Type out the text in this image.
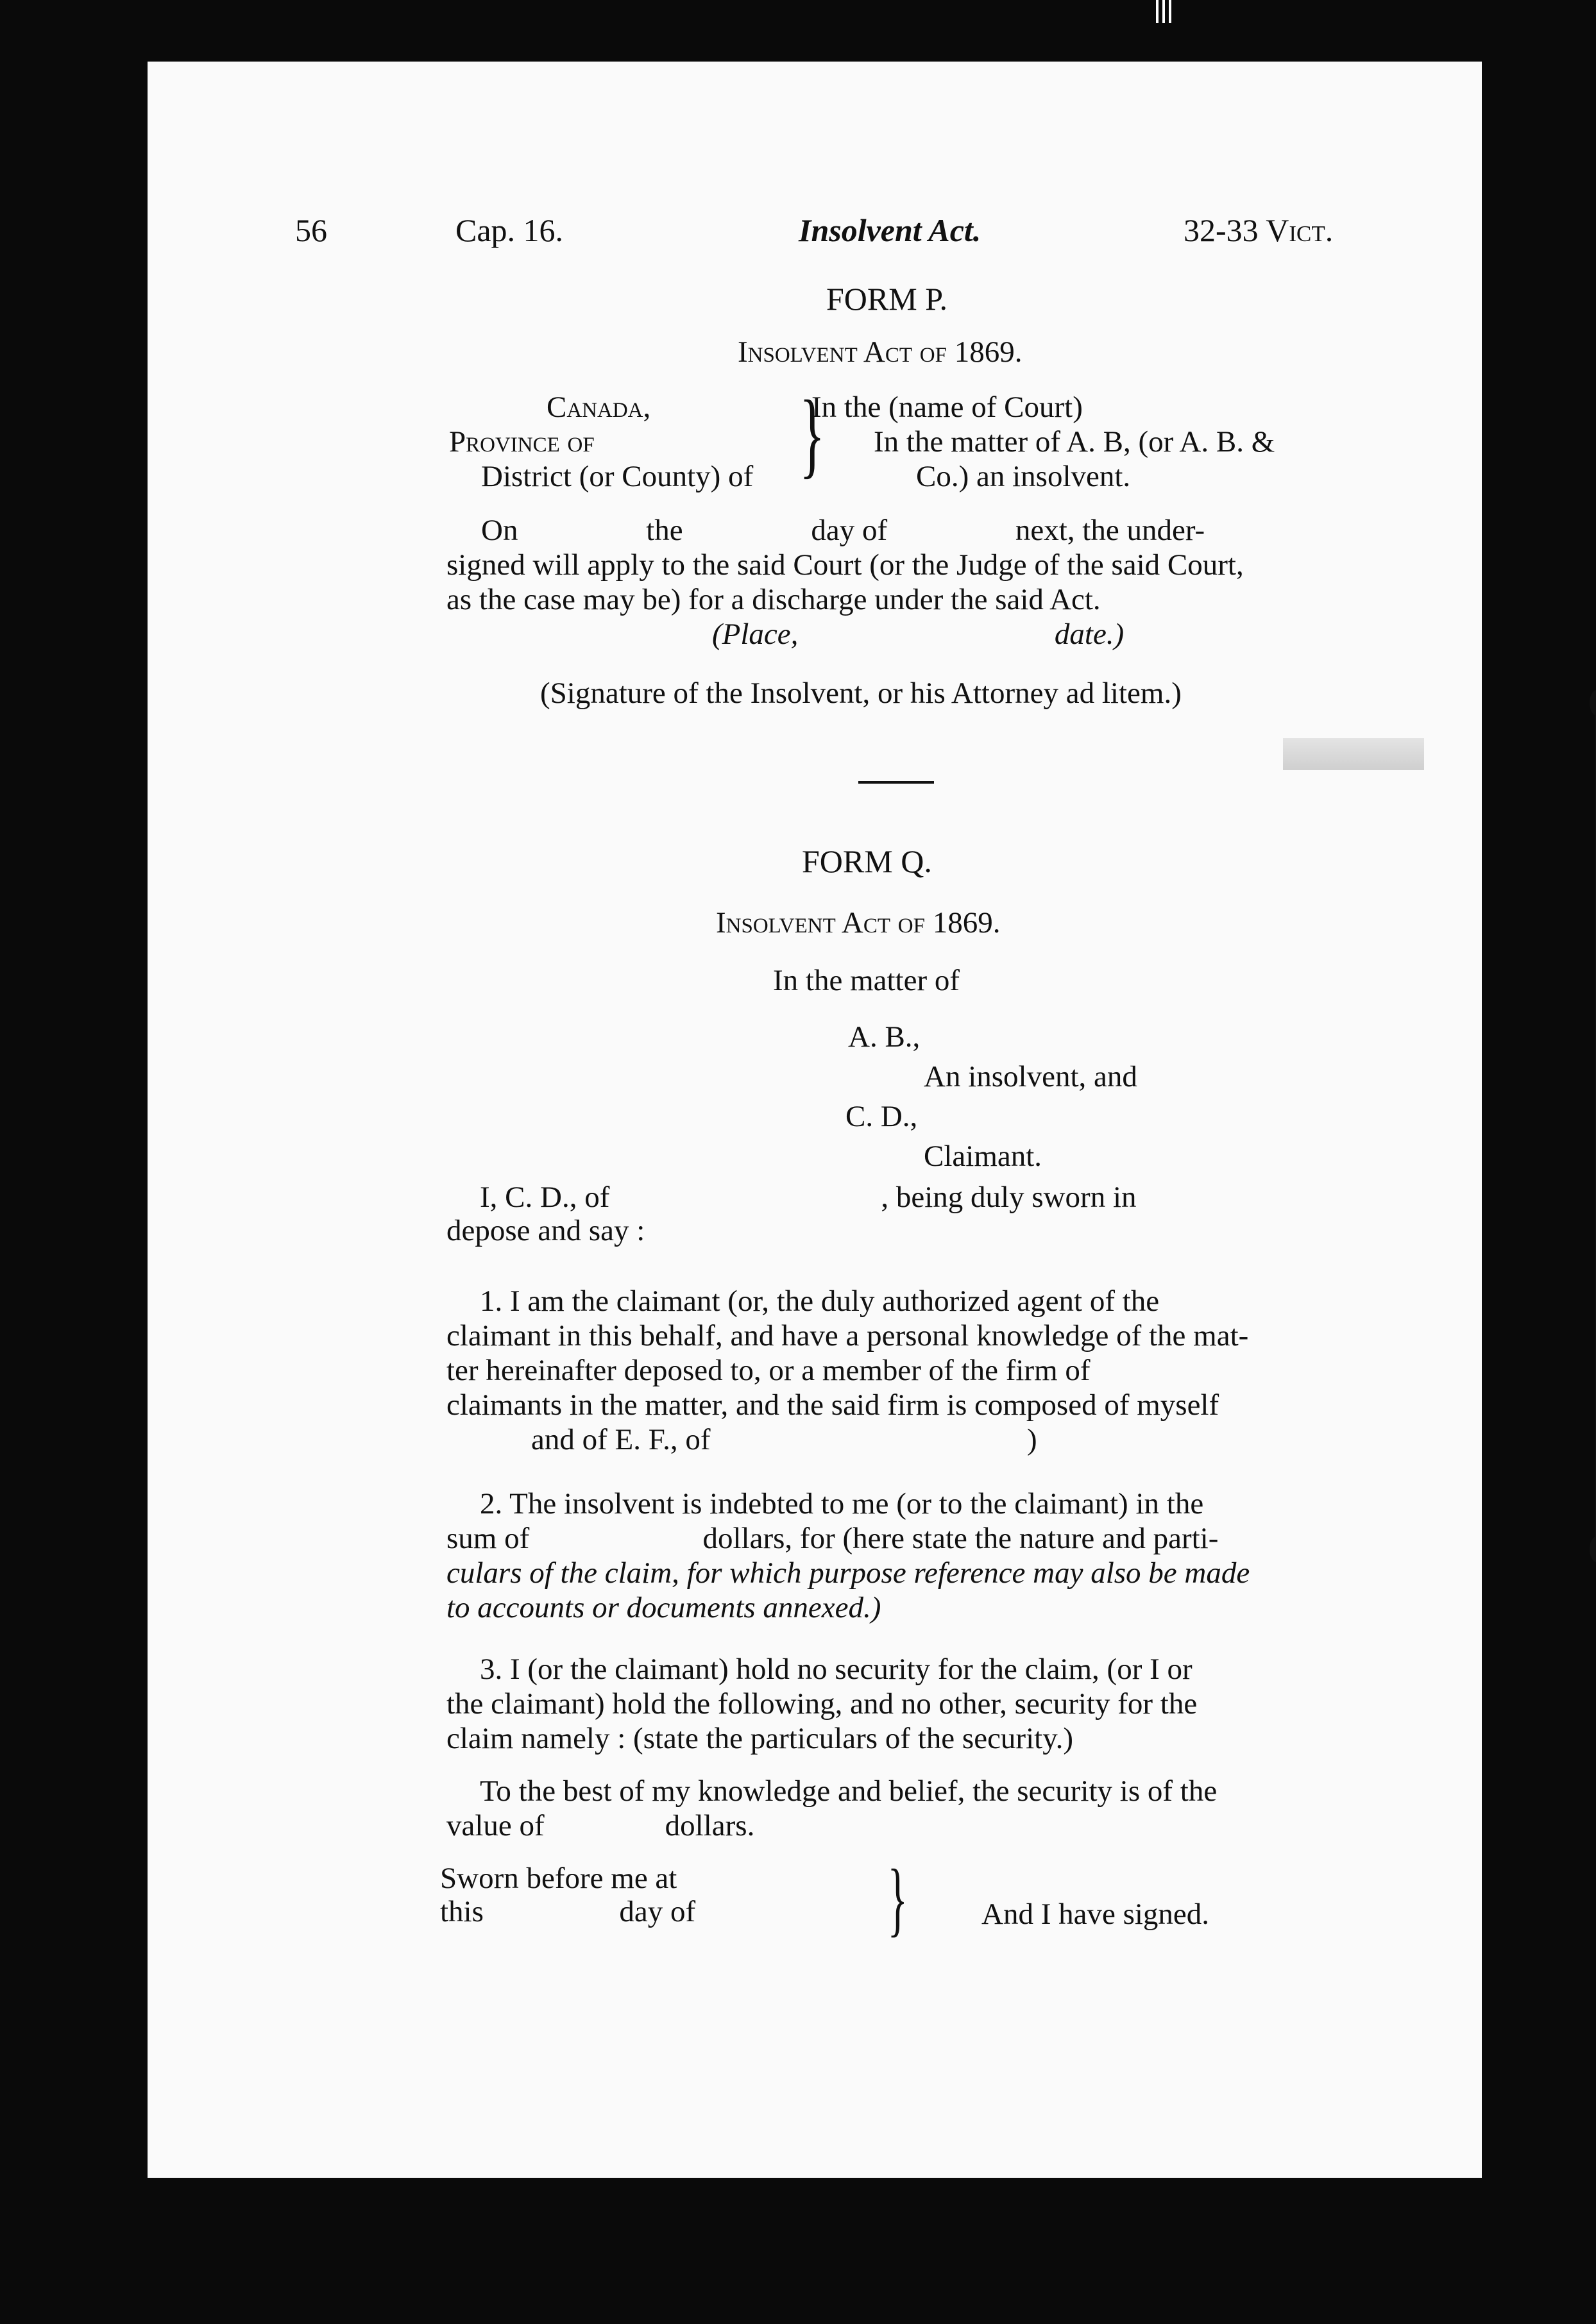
56	Cap. 16.	Insolvent Act.	32-33 Vict.
FORM P.
Insolvent Act of 1869.
Canada,
Province of
District (or County) of }
In the (name of Court)
In the matter of A. B, (or A. B. &
Co.) an insolvent.
On                 the                 day of                 next, the under-
signed will apply to the said Court (or the Judge of the said Court,
as the case may be) for a discharge under the said Act.
(Place,                                  date.)
(Signature of the Insolvent, or his Attorney ad litem.)
FORM Q.
Insolvent Act of 1869.
In the matter of
A. B.,
An insolvent, and
C. D.,
Claimant.
I, C. D., of                                    , being duly sworn in
depose and say :
1. I am the claimant (or, the duly authorized agent of the
claimant in this behalf, and have a personal knowledge of the mat-
ter hereinafter deposed to, or a member of the firm of
claimants in the matter, and the said firm is composed of myself
and of E. F., of                                          )
2. The insolvent is indebted to me (or to the claimant) in the
sum of                       dollars, for (here state the nature and parti-
culars of the claim, for which purpose reference may also be made
to accounts or documents annexed.)
3. I (or the claimant) hold no security for the claim, (or I or
the claimant) hold the following, and no other, security for the
claim namely : (state the particulars of the security.)
To the best of my knowledge and belief, the security is of the
value of                dollars.
Sworn before me at
this                  day of } And I have signed.
